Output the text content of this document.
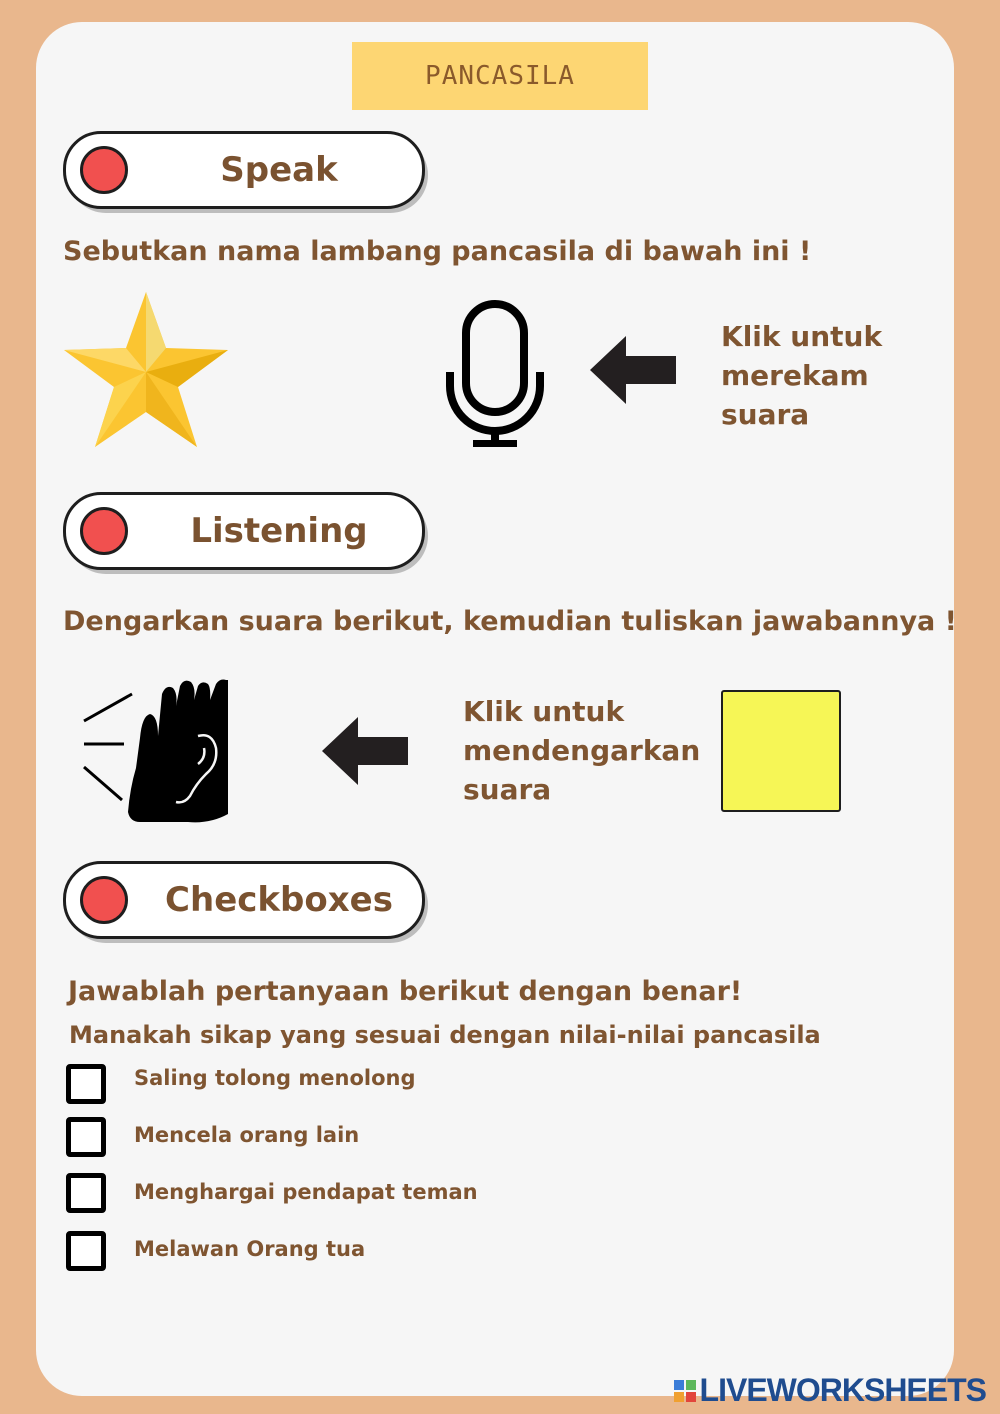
PANCASILA
Speak
Sebutkan nama lambang pancasila di bawah ini !
Klik untuk
merekam
suara
Listening
Dengarkan suara berikut, kemudian tuliskan jawabannya !
Klik untuk
mendengarkan
suara
Checkboxes
Jawablah pertanyaan berikut dengan benar!
Manakah sikap yang sesuai dengan nilai-nilai pancasila
Saling tolong menolong
Mencela orang lain
Menghargai pendapat teman
Melawan Orang tua
LIVEWORKSHEETS
